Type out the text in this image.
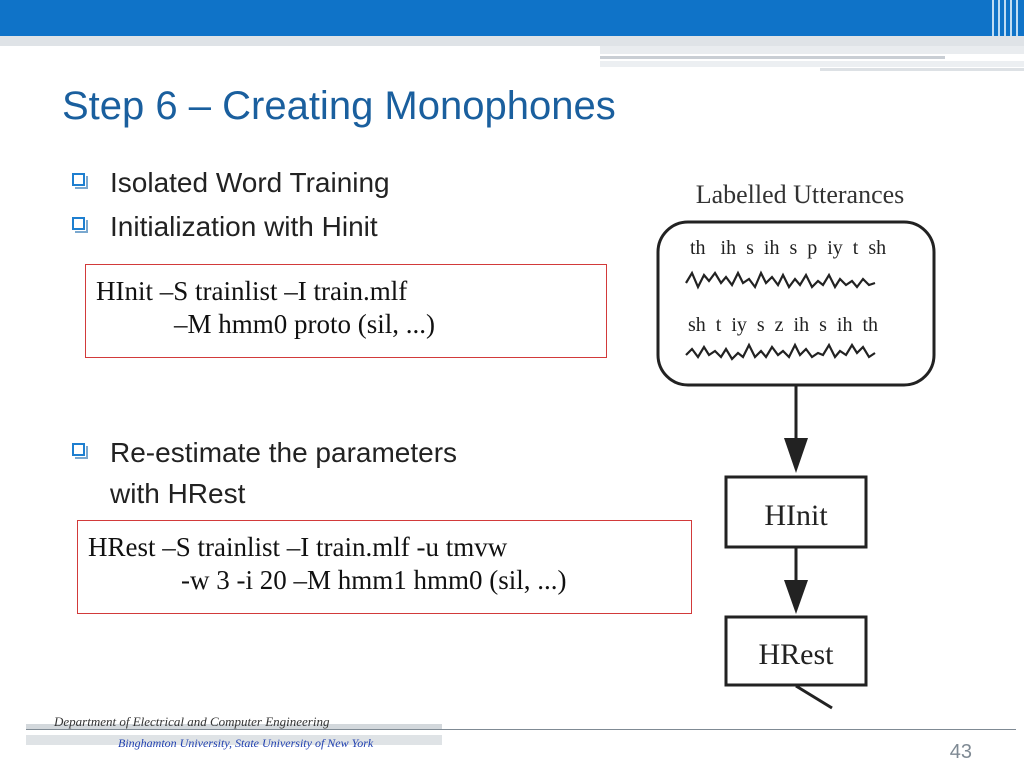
Step 6 – Creating Monophones
Isolated Word Training
Initialization with Hinit
Re-estimate the parameters
with HRest
HInit –S trainlist –I train.mlf
–M hmm0 proto (sil, ...)
HRest –S trainlist –I train.mlf -u tmvw
-w 3 -i 20 –M hmm1 hmm0 (sil, ...)
Labelled Utterances
th   ih  s  ih  s  p  iy  t  sh
sh  t  iy  s  z  ih  s  ih  th
HInit
HRest
Department of Electrical and Computer Engineering
Binghamton University, State University of New York	43
